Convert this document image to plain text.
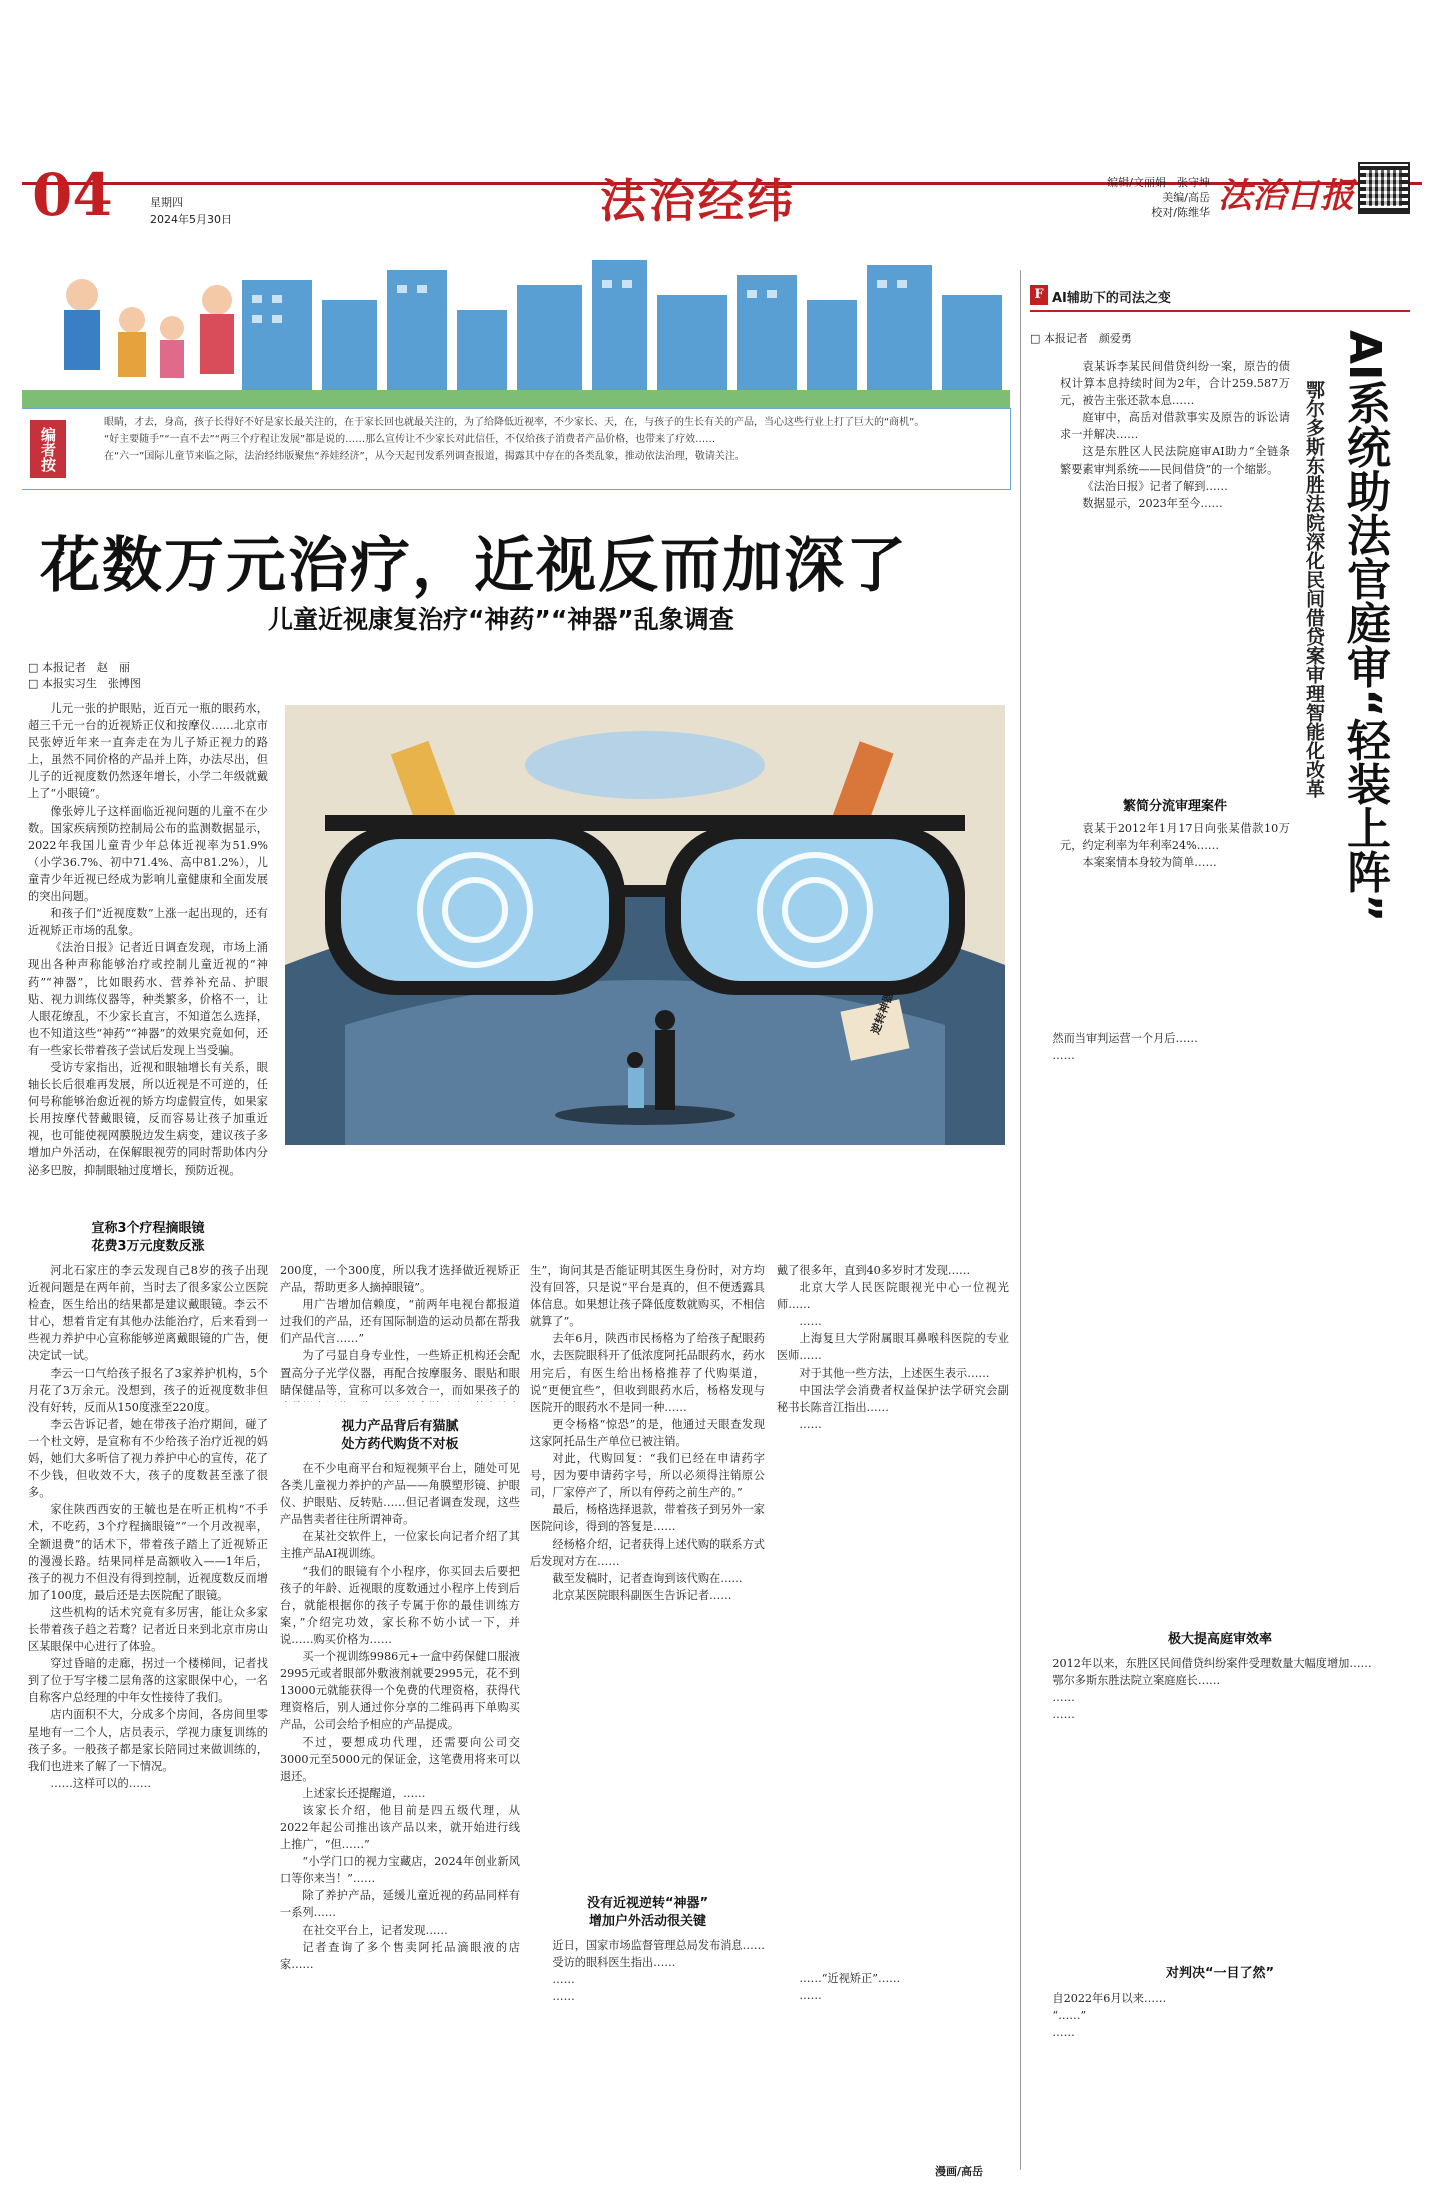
04	星期四
2024年5月30日	法治经纬	编辑/文丽娟　张守坤
美编/高岳
校对/陈维华 法治日报
编者按
眼睛，才去，身高，孩子长得好不好是家长最关注的，在于家长回也就最关注的，为了给降低近视率，不少家长、天，在，与孩子的生长有关的产品，当心这些行业上打了巨大的“商机”。
“好主要随手”“一直不去”“两三个疗程让发展”都是说的……那么宣传让不少家长对此信任，不仅给孩子消费者产品价格，也带来了疗效……
在“六一”国际儿童节来临之际，法治经纬版聚焦“养娃经济”，从今天起刊发系列调查报道，揭露其中存在的各类乱象，推动依法治理，敬请关注。
花数万元治疗，近视反而加深了
儿童近视康复治疗“神药”“神器”乱象调查
□ 本报记者　赵　丽
□ 本报实习生　张博图
逆转神器
漫画/高岳

儿元一张的护眼贴，近百元一瓶的眼药水，超三千元一台的近视矫正仪和按摩仪……北京市民张婷近年来一直奔走在为儿子矫正视力的路上，虽然不同价格的产品并上阵，办法尽出，但儿子的近视度数仍然逐年增长，小学二年级就戴上了“小眼镜”。

像张婷儿子这样面临近视问题的儿童不在少数。国家疾病预防控制局公布的监测数据显示，2022年我国儿童青少年总体近视率为51.9%（小学36.7%、初中71.4%、高中81.2%），儿童青少年近视已经成为影响儿童健康和全面发展的突出问题。

和孩子们“近视度数”上涨一起出现的，还有近视矫正市场的乱象。

《法治日报》记者近日调查发现，市场上涌现出各种声称能够治疗或控制儿童近视的“神药”“神器”，比如眼药水、营养补充品、护眼贴、视力训练仪器等，种类繁多，价格不一，让人眼花缭乱，不少家长直言，不知道怎么选择，也不知道这些“神药”“神器”的效果究竟如何，还有一些家长带着孩子尝试后发现上当受骗。

受访专家指出，近视和眼轴增长有关系，眼轴长长后很难再发展，所以近视是不可逆的，任何号称能够治愈近视的矫方均虚假宣传，如果家长用按摩代替戴眼镜，反而容易让孩子加重近视，也可能使视网膜脱边发生病变，建议孩子多增加户外活动，在保解眼视劳的同时帮助体内分泌多巴胺，抑制眼轴过度增长，预防近视。

宣称3个疗程摘眼镜
花费3万元度数反涨

河北石家庄的李云发现自己8岁的孩子出现近视问题是在两年前，当时去了很多家公立医院检查，医生给出的结果都是建议戴眼镜。李云不甘心，想着肯定有其他办法能治疗，后来看到一些视力养护中心宣称能够逆离戴眼镜的广告，便决定试一试。

李云一口气给孩子报名了3家养护机构，5个月花了3万余元。没想到，孩子的近视度数非但没有好转，反而从150度涨至220度。

李云告诉记者，她在带孩子治疗期间，碰了一个杜文婷，是宣称有不少给孩子治疗近视的妈妈，她们大多听信了视力养护中心的宣传，花了不少钱，但收效不大，孩子的度数甚至涨了很多。

家住陕西西安的王毓也是在听正机构“不手术，不吃药，3个疗程摘眼镜”“一个月改视率，全额退费”的话术下，带着孩子踏上了近视矫正的漫漫长路。结果同样是高额收入——1年后，孩子的视力不但没有得到控制，近视度数反而增加了100度，最后还是去医院配了眼镜。

这些机构的话术究竟有多厉害，能让众多家长带着孩子趋之若鹜？记者近日来到北京市房山区某眼保中心进行了体验。

穿过昏暗的走廊，拐过一个楼梯间，记者找到了位于写字楼二层角落的这家眼保中心，一名自称客户总经理的中年女性接待了我们。

店内面积不大，分成多个房间，各房间里零星地有一二个人，店员表示，学视力康复训练的孩子多。一般孩子都是家长陪同过来做训练的，我们也进来了解了一下情况。

……这样可以的……

200度，一个300度，所以我才选择做近视矫正产品，帮助更多人摘掉眼镜”。

用广告增加信赖度，“前两年电视台都报道过我们的产品，还有国际制造的运动员都在帮我们产品代言……”

为了弓显自身专业性，一些矫正机构还会配置高分子光学仪器，再配合按摩服务、眼贴和眼睛保健品等，宣称可以多效合一，而如果孩子的

视力产品背后有猫腻
处方药代购货不对板

在不少电商平台和短视频平台上，随处可见各类儿童视力养护的产品——角膜塑形镜、护眼仪、护眼贴、反转贴……但记者调查发现，这些产品售卖者往往所谓神奇。

在某社交软件上，一位家长向记者介绍了其主推产品AI视训练。

“我们的眼镜有个小程序，你买回去后要把孩子的年龄、近视眼的度数通过小程序上传到后台，就能根据你的孩子专属于你的最佳训练方案，”介绍完功效，家长称不妨小试一下，并说……购买价格为……

买一个视训练9986元+一盒中药保健口服液2995元或者眼部外敷液剂就要2995元，花不到13000元就能获得一个免费的代理资格，获得代理资格后，别人通过你分享的二维码再下单购买产品，公司会给予相应的产品提成。

不过，要想成功代理，还需要向公司交3000元至5000元的保证金，这笔费用将来可以退还。

上述家长还提醒道，……

该家长介绍，他目前是四五级代理，从2022年起公司推出该产品以来，就开始进行线上推广，“但……”

“小学门口的视力宝藏店，2024年创业新风口等你来当！”……

除了养护产品，延缓儿童近视的药品同样有一系列……

在社交平台上，记者发现……

记者查询了多个售卖阿托品滴眼液的店家……

生”，询问其是否能证明其医生身份时，对方均没有回答，只是说“平台是真的，但不便透露具体信息。如果想让孩子降低度数就购买，不相信就算了”。

去年6月，陕西市民杨格为了给孩子配眼药水，去医院眼科开了低浓度阿托品眼药水，药水用完后，有医生给出杨格推荐了代购渠道，说“更便宜些”，但收到眼药水后，杨格发现与医院开的眼药水不是同一种……

更令杨格“惊恐”的是，他通过天眼查发现这家阿托品生产单位已被注销。

对此，代购回复：“我们已经在申请药字号，因为要申请药字号，所以必须得注销原公司，厂家停产了，所以有停药之前生产的。”

最后，杨格选择退款，带着孩子到另外一家医院问诊，得到的答复是……

经杨格介绍，记者获得上述代购的联系方式后发现对方在……

截至发稿时，记者查询到该代购在……

北京某医院眼科副医生告诉记者……

没有近视逆转“神器”
增加户外活动很关键

近日，国家市场监督管理总局发布消息……

受访的眼科医生指出……

……

……

戴了很多年，直到40多岁时才发现……

北京大学人民医院眼视光中心一位视光师……

……

上海复旦大学附属眼耳鼻喉科医院的专业医师……

对于其他一些方法，上述医生表示……

中国法学会消费者权益保护法学研究会副秘书长陈音江指出……

……

……“近视矫正”……

……

F AI辅助下的司法之变
□ 本报记者　颜爱勇	AI系统助法官庭审“轻装上阵”
鄂尔多斯东胜法院深化民间借贷案审理智能化改革

袁某诉李某民间借贷纠纷一案，原告的债权计算本息持续时间为2年，合计259.587万元，被告主张还款本息……

庭审中，高岳对借款事实及原告的诉讼请求一并解决……

这是东胜区人民法院庭审AI助力“全链条繁要素审判系统——民间借贷”的一个缩影。

《法治日报》记者了解到……

数据显示，2023年至今……

繁简分流审理案件

袁某于2012年1月17日向张某借款10万元，约定利率为年利率24%……

本案案情本身较为简单……

然而当审判运营一个月后……

……

极大提高庭审效率

2012年以来，东胜区民间借贷纠纷案件受理数量大幅度增加……

鄂尔多斯东胜法院立案庭庭长……

……

……

对判决“一目了然”

自2022年6月以来……

“……”

……
